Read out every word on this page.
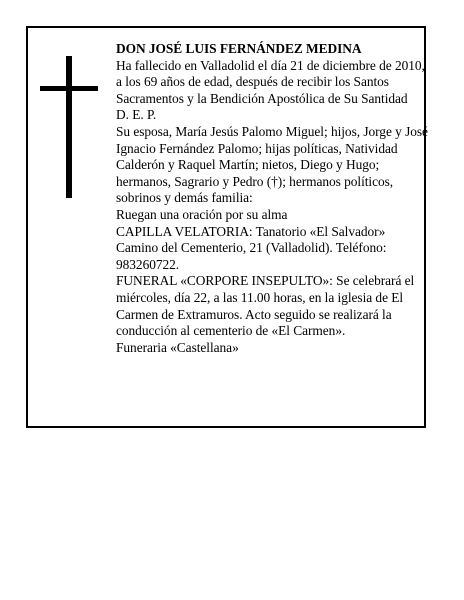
DON JOSÉ LUIS FERNÁNDEZ MEDINA

Ha fallecido en Valladolid el día 21 de diciembre de 2010, a los 69 años de edad, después de recibir los Santos Sacramentos y la Bendición Apostólica de Su Santidad

D. E. P.

Su esposa, María Jesús Palomo Miguel; hijos, Jorge y José Ignacio Fernández Palomo; hijas políticas, Natividad Calderón y Raquel Martín; nietos, Diego y Hugo; hermanos, Sagrario y Pedro (†); hermanos políticos, sobrinos y demás familia:

Ruegan una oración por su alma

CAPILLA VELATORIA: Tanatorio «El Salvador» Camino del Cementerio, 21 (Valladolid). Teléfono: 983260722.

FUNERAL «CORPORE INSEPULTO»: Se celebrará el miércoles, día 22, a las 11.00 horas, en la iglesia de El Carmen de Extramuros. Acto seguido se realizará la conducción al cementerio de «El Carmen».

Funeraria «Castellana»
